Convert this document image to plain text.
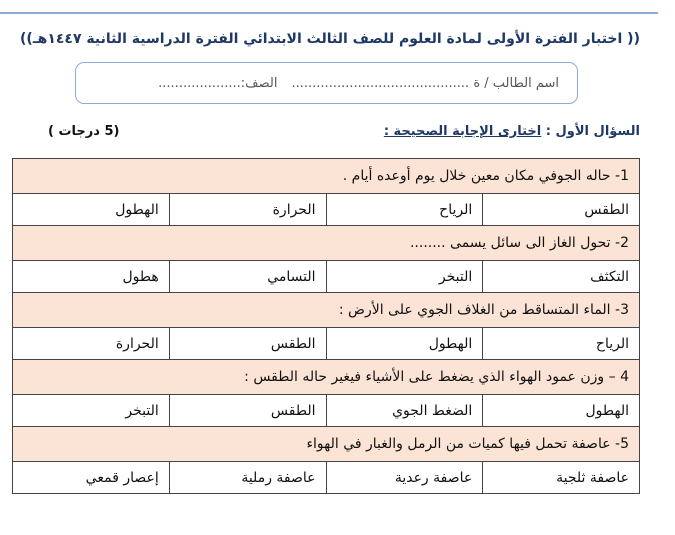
(( اختبار الفترة الأولى لمادة العلوم للصف الثالث الابتدائي الفترة الدراسية الثانية ١٤٤٧هـ))
اسم الطالب / ة ...........................................
الصف:....................
السؤال الأول : اختارى الإجابة الصحيحة :
(5 درجات )
1- حاله الجوفي مكان معين خلال يوم أوعده أيام .			
الطقس	الرياح	الحرارة	الهطول
2- تحول الغاز الى سائل يسمى ........			
التكثف	التبخر	التسامي	هطول
3- الماء المتساقط من الغلاف الجوي على الأرض :			
الرياح	الهطول	الطقس	الحرارة
4 – وزن عمود الهواء الذي يضغط على الأشياء فيغير حاله الطقس :			
الهطول	الضغط الجوي	الطقس	التبخر
5- عاصفة تحمل فيها كميات من الرمل والغبار في الهواء			
عاصفة ثلجية	عاصفة رعدية	عاصفة رملية	إعصار قمعي
